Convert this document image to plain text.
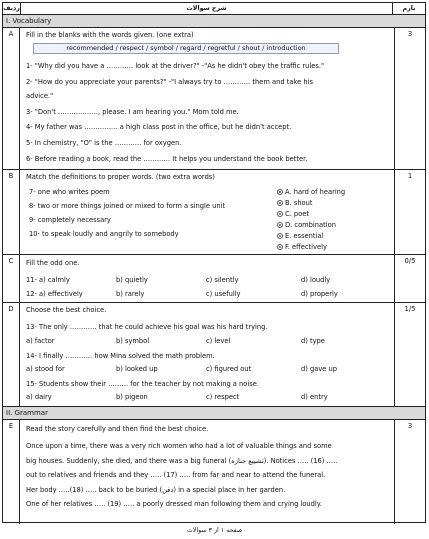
ردیف	شرح سوالات	بارم
I. Vocabulary
A	Fill in the blanks with the words given. (one extra)
recommended / respect / symbol / regard / regretful / shout / introduction
1- "Why did you have a ………… look at the driver?" -"As he didn't obey the traffic rules."
2- "How do you appreciate your parents?" -"I always try to ………… them and take his
advice."
3- "Don't ………………, please. I am hearing you." Mom told me.
4- My father was …………… a high class post in the office, but he didn't accept.
5- In chemistry, "O" is the ………… for oxygen.
6- Before reading a book, read the ………… It helps you understand the book better.
3
B	Match the definitions to proper words. (two extra words)
7- one who writes poem
8- two or more things joined or mixed to form a single unit
9- completely necessary
10- to speak loudly and angrily to somebody
A. hard of hearing
B. shout
C. poet
D. combination
E. essential
F. effectively
1
C	Fill the odd one.
11- a) calmly	b) quietly	c) silently	d) loudly
12- a) effectively	b) rarely	c) usefully	d) properly
0/5
D	Choose the best choice.
13- The only ………… that he could achieve his goal was his hard trying.
a) factor	b) symbol	c) level	d) type
14- I finally ………… how Mina solved the math problem.
a) stood for	b) looked up	c) figured out	d) gave up
15- Students show their ……… for the teacher by not making a noise.
a) dairy	b) pigeon	c) respect	d) entry
1/5
II. Grammar
E	Read the story carefully and then find the best choice.
Once upon a time, there was a very rich women who had a lot of valuable things and some
big houses. Suddenly, she died, and there was a big funeral (تشییع جنازه). Notices ….. (16) …..
out to relatives and friends and they ….. (17) ….. from far and near to attend the funeral.
Her body …..(18) ….. back to be buried (دفن) in a special place in her garden.
One of her relatives ….. (19) ….. a poorly dressed man following them and crying loudly.
3
صفحه ۱ از ۳ سوالات
